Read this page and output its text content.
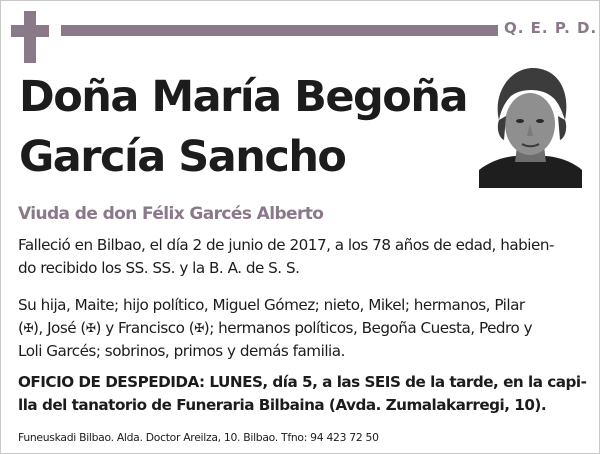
Q. E. P. D.
Doña María Begoña
García Sancho
Viuda de don Félix Garcés Alberto
Falleció en Bilbao, el día 2 de junio de 2017, a los 78 años de edad, habien-
do recibido los SS. SS. y la B. A. de S. S.
Su hija, Maite; hijo político, Miguel Gómez; nieto, Mikel; hermanos, Pilar
(✠), José (✠) y Francisco (✠); hermanos políticos, Begoña Cuesta, Pedro y
Loli Garcés; sobrinos, primos y demás familia.
OFICIO DE DESPEDIDA: LUNES, día 5, a las SEIS de la tarde, en la capi-
lla del tanatorio de Funeraria Bilbaina (Avda. Zumalakarregi, 10).
Funeuskadi Bilbao. Alda. Doctor Areilza, 10. Bilbao. Tfno: 94 423 72 50
